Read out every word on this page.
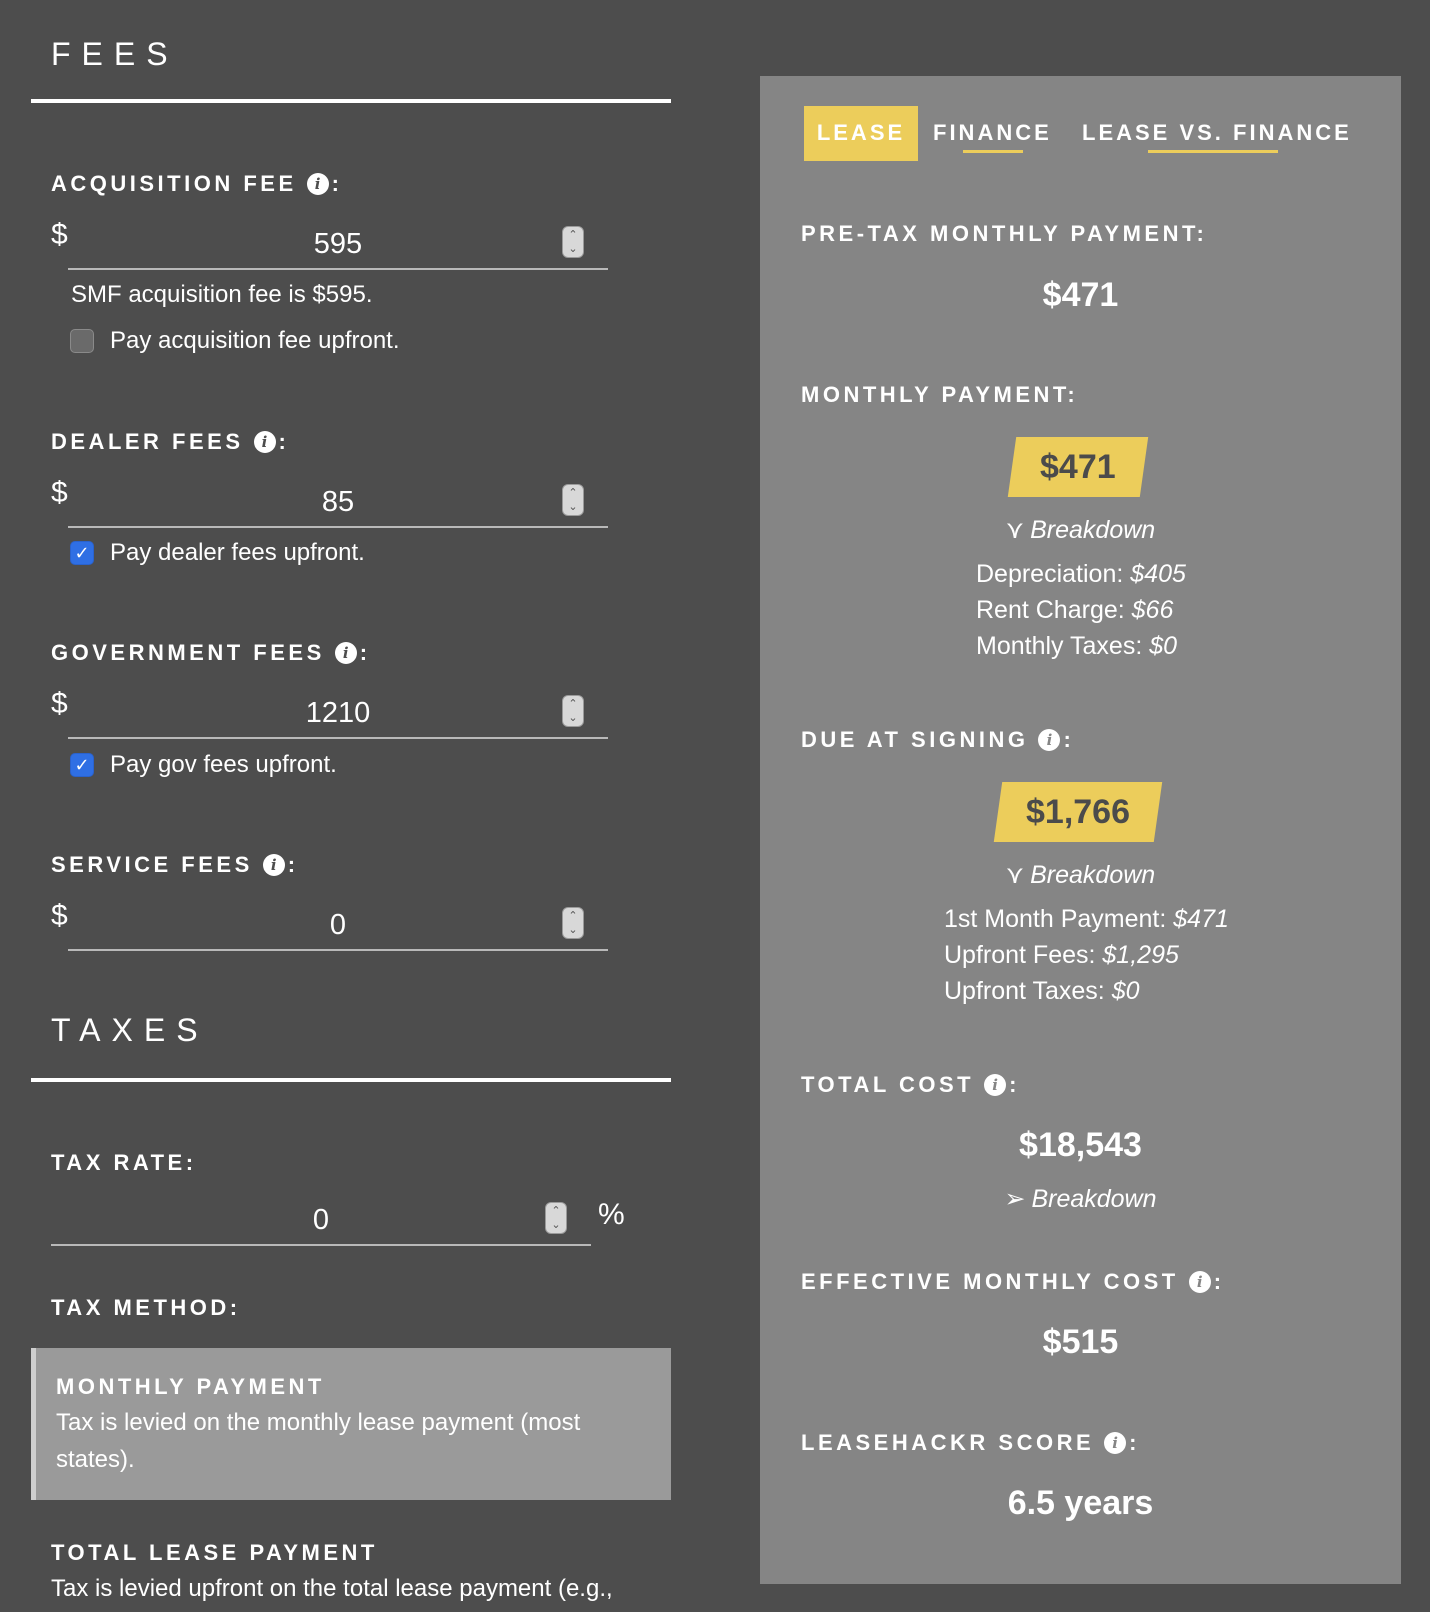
FEES
ACQUISITION FEE	i :
$	595	⌃
⌄
SMF acquisition fee is $595.
Pay acquisition fee upfront.
DEALER FEES	i :
$	85	⌃
⌄
✓ Pay dealer fees upfront.
GOVERNMENT FEES	i :
$	1210	⌃
⌄
✓ Pay gov fees upfront.
SERVICE FEES	i :
$	0	⌃
⌄
TAXES
TAX RATE:
0	⌃
⌄ %
TAX METHOD:
MONTHLY PAYMENT
Tax is levied on the monthly lease payment (most states).
TOTAL LEASE PAYMENT
Tax is levied upfront on the total lease payment (e.g.,
LEASE	FINANCE LEASE VS. FINANCE
PRE-TAX MONTHLY PAYMENT:
$471
MONTHLY PAYMENT:
$471
⋎ Breakdown
Depreciation: $405
Rent Charge: $66
Monthly Taxes: $0
DUE AT SIGNING	i :
$1,766
⋎ Breakdown
1st Month Payment: $471
Upfront Fees: $1,295
Upfront Taxes: $0
TOTAL COST	i :
$18,543
➢ Breakdown
EFFECTIVE MONTHLY COST	i :
$515
LEASEHACKR SCORE	i :
6.5 years
